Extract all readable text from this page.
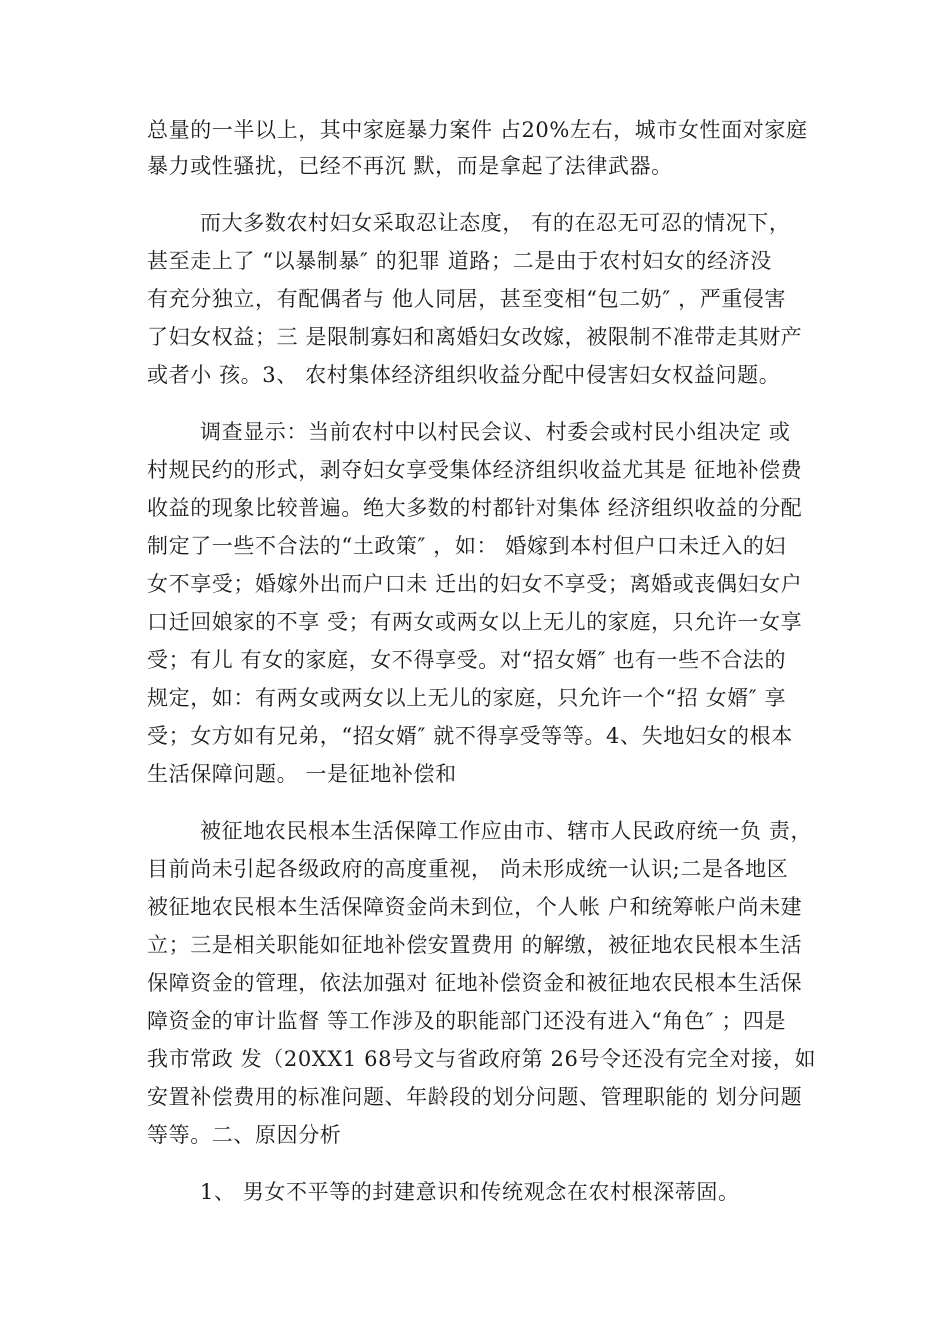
总量的一半以上，其中家庭暴力案件 占20%左右，城市女性面对家庭
暴力或性骚扰，已经不再沉 默，而是拿起了法律武器。
而大多数农村妇女采取忍让态度， 有的在忍无可忍的情况下，
甚至走上了 “以暴制暴″ 的犯罪 道路；二是由于农村妇女的经济没
有充分独立，有配偶者与 他人同居，甚至变相“包二奶″ ，严重侵害
了妇女权益；三 是限制寡妇和离婚妇女改嫁，被限制不准带走其财产
或者小 孩。3、 农村集体经济组织收益分配中侵害妇女权益问题。
调查显示：当前农村中以村民会议、村委会或村民小组决定 或
村规民约的形式，剥夺妇女享受集体经济组织收益尤其是 征地补偿费
收益的现象比较普遍。绝大多数的村都针对集体 经济组织收益的分配
制定了一些不合法的“土政策″ ，如： 婚嫁到本村但户口未迁入的妇
女不享受；婚嫁外出而户口未 迁出的妇女不享受；离婚或丧偶妇女户
口迁回娘家的不享 受；有两女或两女以上无儿的家庭，只允许一女享
受；有儿 有女的家庭，女不得享受。对“招女婿″ 也有一些不合法的
规定，如：有两女或两女以上无儿的家庭，只允许一个“招 女婿″ 享
受；女方如有兄弟，“招女婿″ 就不得享受等等。4、失地妇女的根本
生活保障问题。 一是征地补偿和
被征地农民根本生活保障工作应由市、辖市人民政府统一负 责，
目前尚未引起各级政府的高度重视， 尚未形成统一认识;二是各地区
被征地农民根本生活保障资金尚未到位，个人帐 户和统筹帐户尚未建
立；三是相关职能如征地补偿安置费用 的解缴，被征地农民根本生活
保障资金的管理，依法加强对 征地补偿资金和被征地农民根本生活保
障资金的审计监督 等工作涉及的职能部门还没有进入“角色″ ；四是
我市常政 发（20XX1 68号文与省政府第 26号令还没有完全对接，如
安置补偿费用的标准问题、年龄段的划分问题、管理职能的 划分问题
等等。二、原因分析
1、 男女不平等的封建意识和传统观念在农村根深蒂固。
